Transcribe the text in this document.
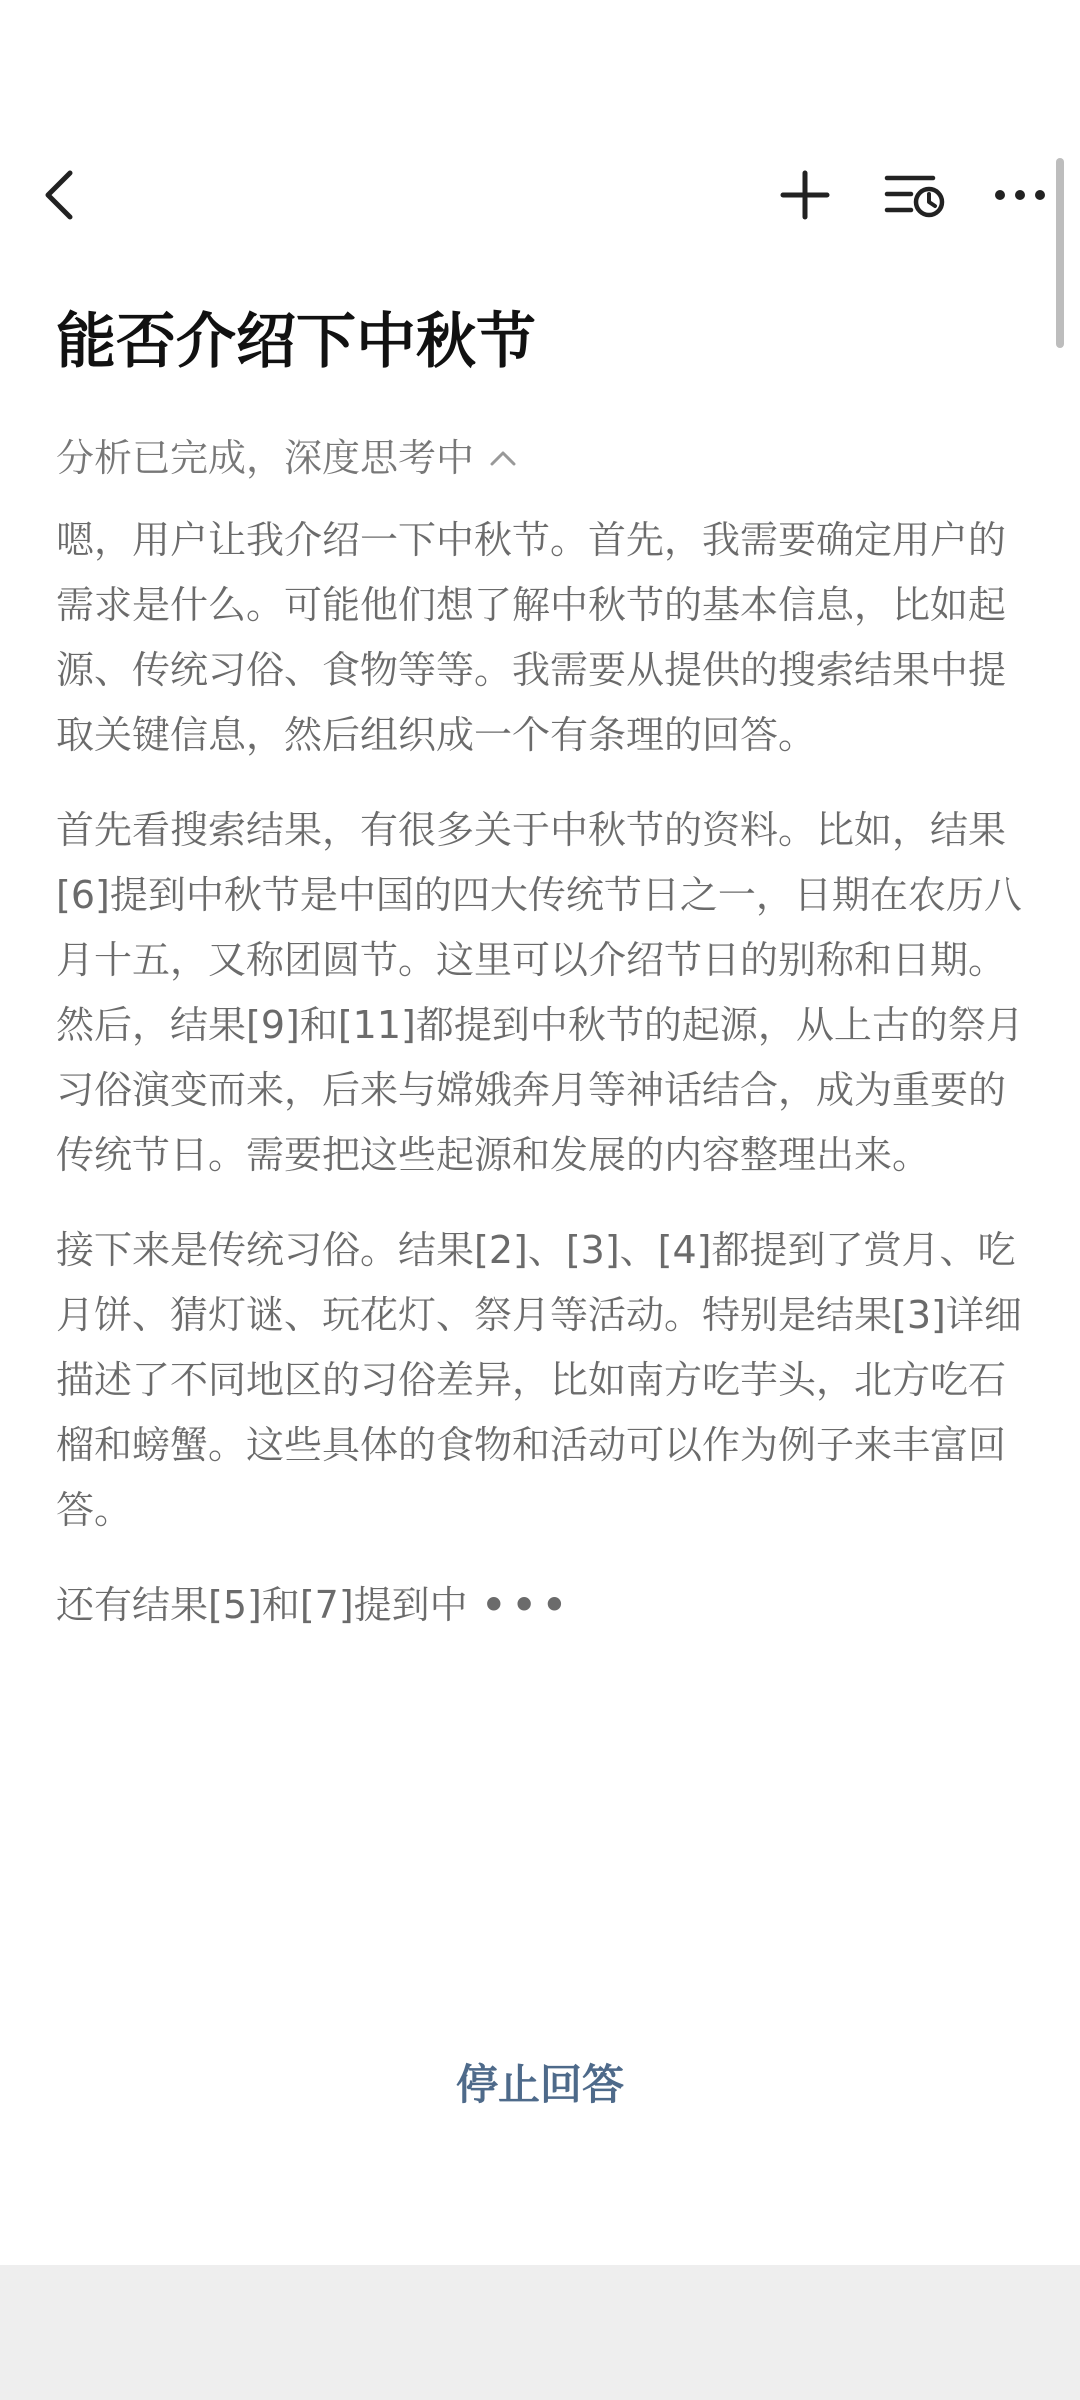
能否介绍下中秋节
分析已完成，深度思考中

嗯，用户让我介绍一下中秋节。首先，我需要确定用户的需求是什么。可能他们想了解中秋节的基本信息，比如起源、传统习俗、食物等等。我需要从提供的搜索结果中提取关键信息，然后组织成一个有条理的回答。

首先看搜索结果，有很多关于中秋节的资料。比如，结果[6]提到中秋节是中国的四大传统节日之一，日期在农历八月十五，又称团圆节。这里可以介绍节日的别称和日期。然后，结果[9]和[11]都提到中秋节的起源，从上古的祭月习俗演变而来，后来与嫦娥奔月等神话结合，成为重要的传统节日。需要把这些起源和发展的内容整理出来。

接下来是传统习俗。结果[2]、[3]、[4]都提到了赏月、吃月饼、猜灯谜、玩花灯、祭月等活动。特别是结果[3]详细描述了不同地区的习俗差异，比如南方吃芋头，北方吃石榴和螃蟹。这些具体的食物和活动可以作为例子来丰富回答。

还有结果[5]和[7]提到中 •••

停止回答
